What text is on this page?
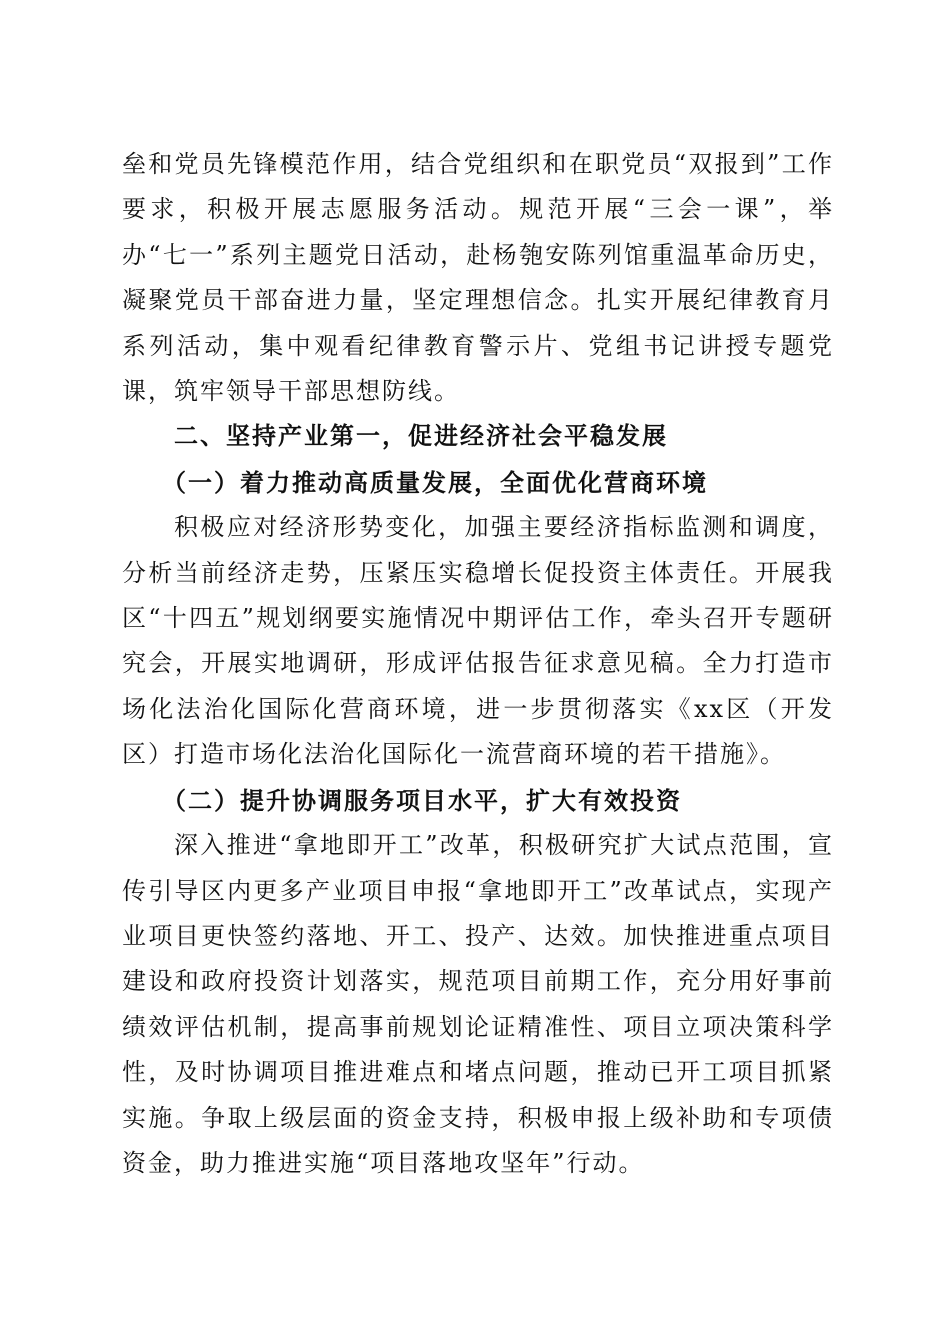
垒和党员先锋模范作用，结合党组织和在职党员“双报到”工作要求，积极开展志愿服务活动。规范开展“三会一课”，举办“七一”系列主题党日活动，赴杨匏安陈列馆重温革命历史，凝聚党员干部奋进力量，坚定理想信念。扎实开展纪律教育月系列活动，集中观看纪律教育警示片、党组书记讲授专题党课，筑牢领导干部思想防线。

二、坚持产业第一，促进经济社会平稳发展

（一）着力推动高质量发展，全面优化营商环境

积极应对经济形势变化，加强主要经济指标监测和调度，分析当前经济走势，压紧压实稳增长促投资主体责任。开展我区“十四五”规划纲要实施情况中期评估工作，牵头召开专题研究会，开展实地调研，形成评估报告征求意见稿。全力打造市场化法治化国际化营商环境，进一步贯彻落实《xx区（开发区）打造市场化法治化国际化一流营商环境的若干措施》。

（二）提升协调服务项目水平，扩大有效投资

深入推进“拿地即开工”改革，积极研究扩大试点范围，宣传引导区内更多产业项目申报“拿地即开工”改革试点，实现产业项目更快签约落地、开工、投产、达效。加快推进重点项目建设和政府投资计划落实，规范项目前期工作，充分用好事前绩效评估机制，提高事前规划论证精准性、项目立项决策科学性，及时协调项目推进难点和堵点问题，推动已开工项目抓紧实施。争取上级层面的资金支持，积极申报上级补助和专项债资金，助力推进实施“项目落地攻坚年”行动。
